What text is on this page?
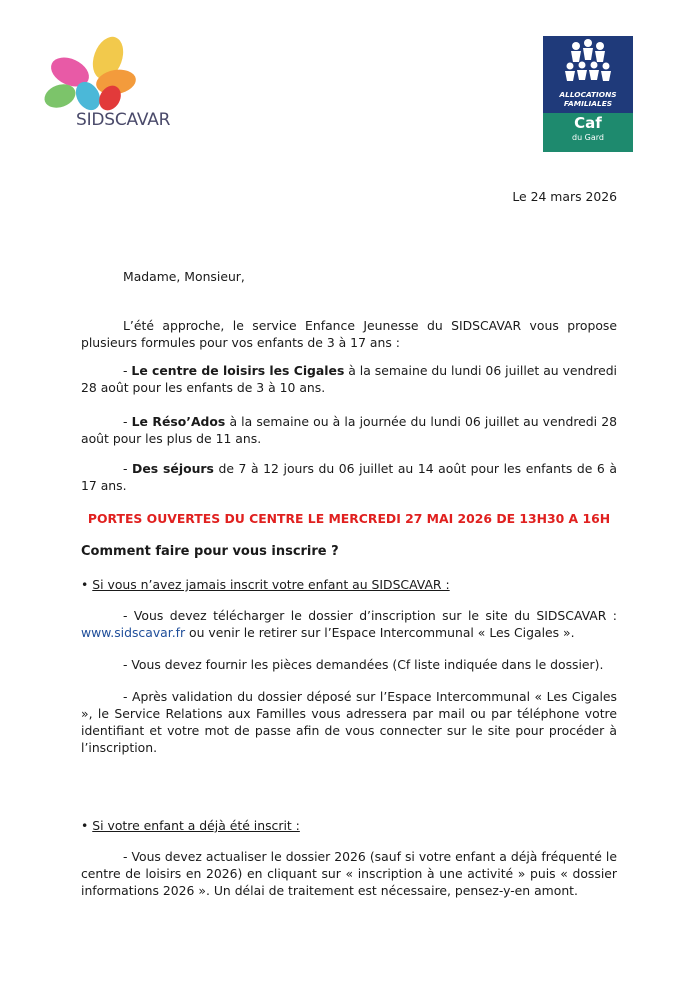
SIDSCAVAR
ALLOCATIONS
FAMILIALES
Caf
du Gard
Le 24 mars 2026
Madame, Monsieur,
L’été approche, le service Enfance Jeunesse du SIDSCAVAR vous propose plusieurs formules pour vos enfants de 3 à 17 ans :
- Le centre de loisirs les Cigales à la semaine du lundi 06 juillet au vendredi 28 août pour les enfants de 3 à 10 ans.
- Le Réso’Ados à la semaine ou à la journée du lundi 06 juillet au vendredi 28 août pour les plus de 11 ans.
- Des séjours de 7 à 12 jours du 06 juillet au 14 août pour les enfants de 6 à 17 ans.
PORTES OUVERTES DU CENTRE LE MERCREDI 27 MAI 2026 DE 13H30 A 16H
Comment faire pour vous inscrire ?
• Si vous n’avez jamais inscrit votre enfant au SIDSCAVAR :
- Vous devez télécharger le dossier d’inscription sur le site du SIDSCAVAR : www.sidscavar.fr ou venir le retirer sur l’Espace Intercommunal « Les Cigales ».
- Vous devez fournir les pièces demandées (Cf liste indiquée dans le dossier).
- Après validation du dossier déposé sur l’Espace Intercommunal « Les Cigales », le Service Relations aux Familles vous adressera par mail ou par téléphone votre identifiant et votre mot de passe afin de vous connecter sur le site pour procéder à l’inscription.
• Si votre enfant a déjà été inscrit :
- Vous devez actualiser le dossier 2026 (sauf si votre enfant a déjà fréquenté le centre de loisirs en 2026) en cliquant sur « inscription à une activité » puis « dossier informations 2026 ». Un délai de traitement est nécessaire, pensez-y-en amont.
